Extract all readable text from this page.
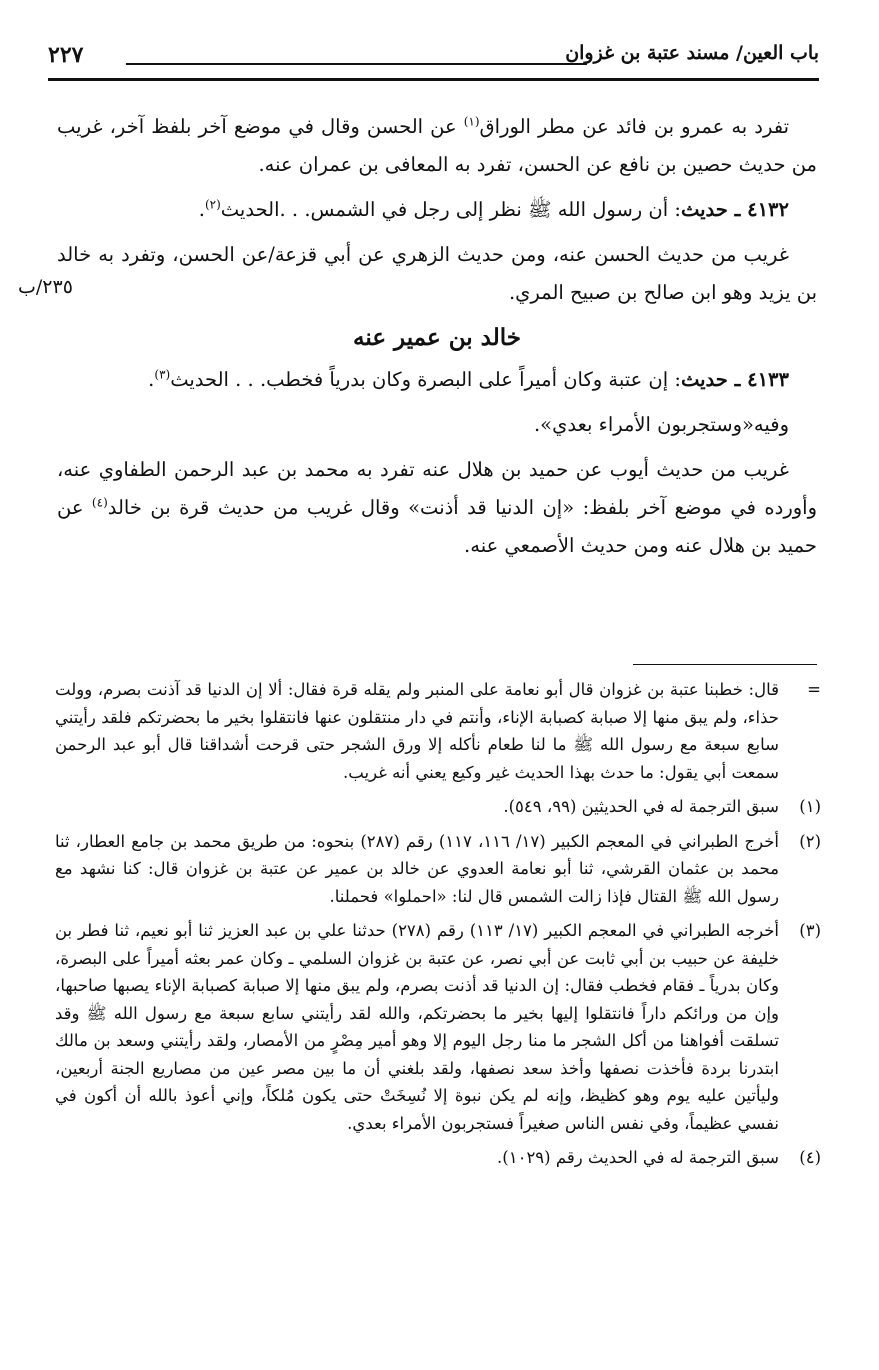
باب العين/ مسند عتبة بن غزوان
٢٢٧
٢٣٥/ب

تفرد به عمرو بن فائد عن مطر الوراق$^{(١)}$ عن الحسن وقال في موضع آخر بلفظ آخر، غريب من حديث حصين بن نافع عن الحسن، تفرد به المعافى بن عمران عنه.

٤١٣٢ ـ حديث: أن رسول الله ﷺ نظر إلى رجل في الشمس. . .الحديث$^{(٢)}$.

غريب من حديث الحسن عنه، ومن حديث الزهري عن أبي قزعة/عن الحسن، وتفرد به خالد بن يزيد وهو ابن صالح بن صبيح المري.

خالد بن عمير عنه

٤١٣٣ ـ حديث: إن عتبة وكان أميراً على البصرة وكان بدرياً فخطب. . . الحديث$^{(٣)}$.

وفيه«وستجربون الأمراء بعدي».

غريب من حديث أيوب عن حميد بن هلال عنه تفرد به محمد بن عبد الرحمن الطفاوي عنه، وأورده في موضع آخر بلفظ: «إن الدنيا قد أذنت» وقال غريب من حديث قرة بن خالد$^{(٤)}$ عن حميد بن هلال عنه ومن حديث الأصمعي عنه.

=
قال: خطبنا عتبة بن غزوان قال أبو نعامة على المنبر ولم يقله قرة فقال: ألا إن الدنيا قد آذنت بصرم، وولت حذاء، ولم يبق منها إلا صبابة كصبابة الإناء، وأنتم في دار منتقلون عنها فانتقلوا بخير ما بحضرتكم فلقد رأيتني سابع سبعة مع رسول الله ﷺ ما لنا طعام نأكله إلا ورق الشجر حتى قرحت أشداقنا قال أبو عبد الرحمن سمعت أبي يقول: ما حدث بهذا الحديث غير وكيع يعني أنه غريب.
(١)
سبق الترجمة له في الحديثين (٩٩، ٥٤٩).
(٢)
أخرج الطبراني في المعجم الكبير (١٧/ ١١٦، ١١٧) رقم (٢٨٧) بنحوه: من طريق محمد بن جامع العطار، ثنا محمد بن عثمان القرشي، ثنا أبو نعامة العدوي عن خالد بن عمير عن عتبة بن غزوان قال: كنا نشهد مع رسول الله ﷺ القتال فإذا زالت الشمس قال لنا: «احملوا» فحملنا.
(٣)
أخرجه الطبراني في المعجم الكبير (١٧/ ١١٣) رقم (٢٧٨) حدثنا علي بن عبد العزيز ثنا أبو نعيم، ثنا فطر بن خليفة عن حبيب بن أبي ثابت عن أبي نصر، عن عتبة بن غزوان السلمي ـ وكان عمر بعثه أميراً على البصرة، وكان بدرياً ـ فقام فخطب فقال: إن الدنيا قد أذنت بصرم، ولم يبق منها إلا صبابة كصبابة الإناء يصبها صاحبها، وإن من ورائكم داراً فانتقلوا إليها بخير ما بحضرتكم، والله لقد رأيتني سابع سبعة مع رسول الله ﷺ وقد تسلقت أفواهنا من أكل الشجر ما منا رجل اليوم إلا وهو أمير مِصْرٍ من الأمصار، ولقد رأيتني وسعد بن مالك ابتدرنا بردة فأخذت نصفها وأخذ سعد نصفها، ولقد بلغني أن ما بين مصر عين من مصاريع الجنة أربعين، وليأتين عليه يوم وهو كظيظ، وإنه لم يكن نبوة إلا نُسِخَتْ حتى يكون مُلكاً، وإني أعوذ بالله أن أكون في نفسي عظيماً، وفي نفس الناس صغيراً فستجربون الأمراء بعدي.
(٤)
سبق الترجمة له في الحديث رقم (١٠٢٩).
